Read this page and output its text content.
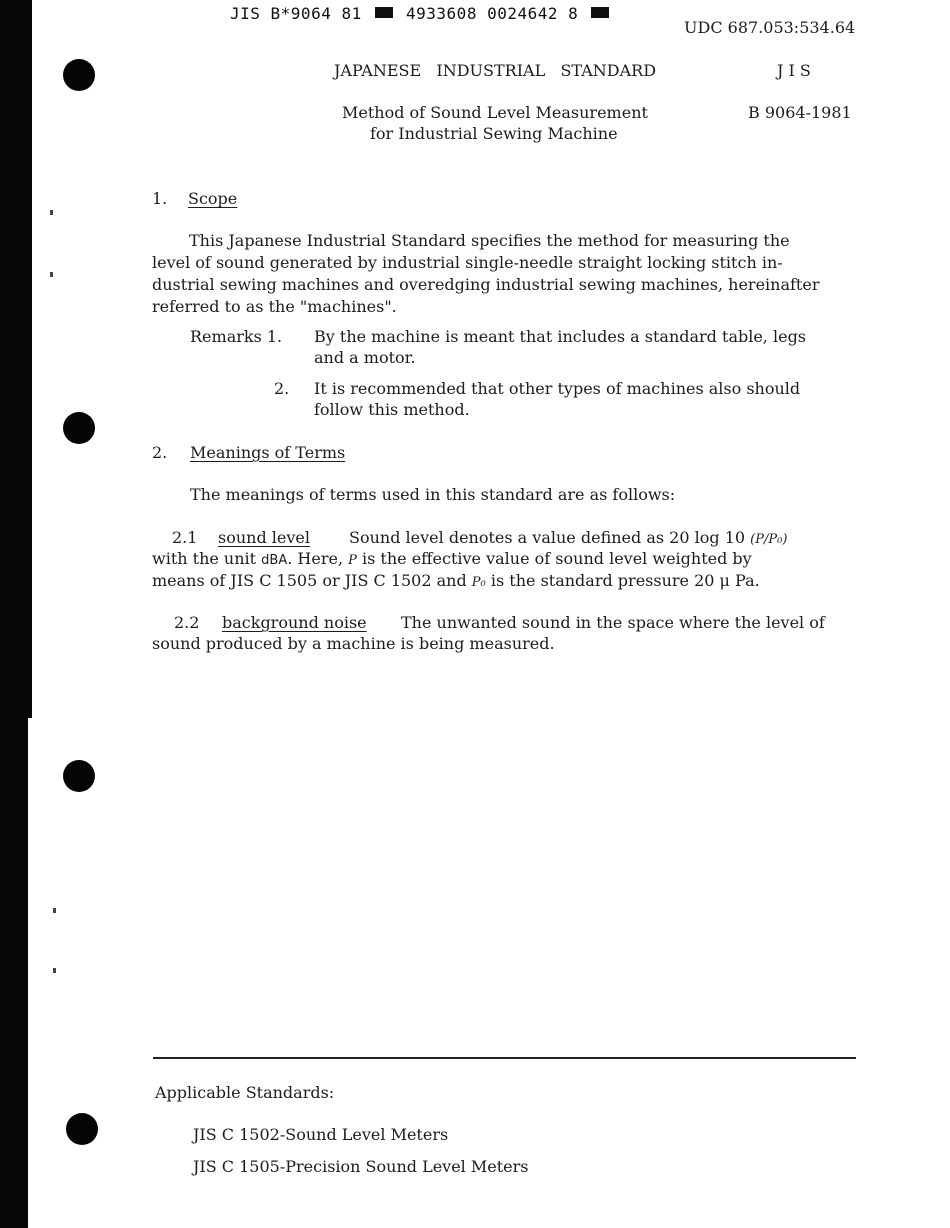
JIS B*9064 81	4933608 0024642 8
UDC 687.053:534.64
JAPANESE   INDUSTRIAL   STANDARD	J I S
Method of Sound Level Measurement
for Industrial Sewing Machine
B 9064-1981
1. Scope
This Japanese Industrial Standard specifies the method for measuring the
level of sound generated by industrial single-needle straight locking stitch in-
dustrial sewing machines and overedging industrial sewing machines, hereinafter
referred to as the "machines".
Remarks 1. By the machine is meant that includes a standard table, legs
and a motor.
2. It is recommended that other types of machines also should
follow this method.
2. Meanings of Terms
The meanings of terms used in this standard are as follows:
2.1 sound level Sound level denotes a value defined as 20 log 10 (P/P₀)
with the unit dBA. Here, P is the effective value of sound level weighted by
means of JIS C 1505 or JIS C 1502 and P₀ is the standard pressure 20 μ Pa.
2.2 background noise The unwanted sound in the space where the level of
sound produced by a machine is being measured.
Applicable Standards:
JIS C 1502-Sound Level Meters
JIS C 1505-Precision Sound Level Meters
